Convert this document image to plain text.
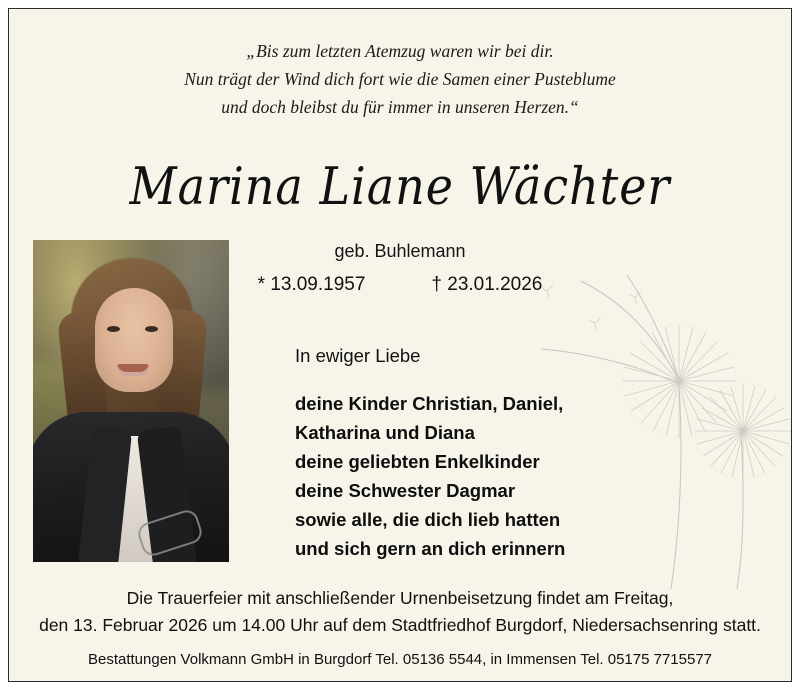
„Bis zum letzten Atemzug waren wir bei dir.
Nun trägt der Wind dich fort wie die Samen einer Pusteblume
und doch bleibst du für immer in unseren Herzen.“
Marina Liane Wächter
geb. Buhlemann
* 13.09.1957	† 23.01.2026
In ewiger Liebe
deine Kinder Christian, Daniel,
Katharina und Diana
deine geliebten Enkelkinder
deine Schwester Dagmar
sowie alle, die dich lieb hatten
und sich gern an dich erinnern
Die Trauerfeier mit anschließender Urnenbeisetzung findet am Freitag,
den 13. Februar 2026 um 14.00 Uhr auf dem Stadtfriedhof Burgdorf, Niedersachsenring statt.
Bestattungen Volkmann GmbH in Burgdorf Tel. 05136 5544, in Immensen Tel. 05175 7715577
